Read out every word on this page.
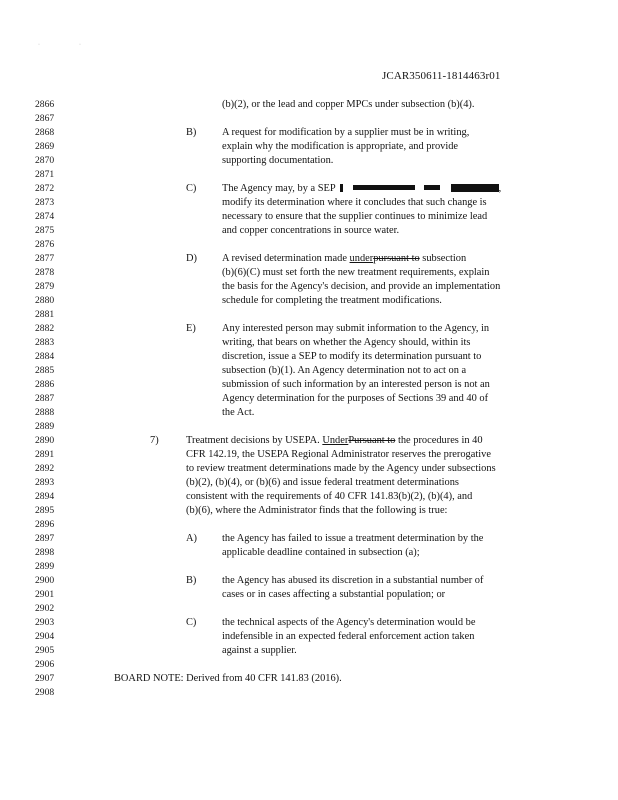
·	·
JCAR350611-1814463r01
2866
2867
2868
2869
2870
2871
2872
2873
2874
2875
2876
2877
2878
2879
2880
2881
2882
2883
2884
2885
2886
2887
2888
2889
2890
2891
2892
2893
2894
2895
2896
2897
2898
2899
2900
2901
2902
2903
2904
2905
2906
2907
2908
(b)(2), or the lead and copper MPCs under subsection (b)(4).
B) A request for modification by a supplier must be in writing,
explain why the modification is appropriate, and provide
supporting documentation.
C) The Agency may, by a SEP	,
modify its determination where it concludes that such change is
necessary to ensure that the supplier continues to minimize lead
and copper concentrations in source water.
D) A revised determination made underpursuant to subsection
(b)(6)(C) must set forth the new treatment requirements, explain
the basis for the Agency's decision, and provide an implementation
schedule for completing the treatment modifications.
E)	Any interested person may submit information to the Agency, in
writing, that bears on whether the Agency should, within its
discretion, issue a SEP to modify its determination pursuant to
subsection (b)(1). An Agency determination not to act on a
submission of such information by an interested person is not an
Agency determination for the purposes of Sections 39 and 40 of
the Act.
7)	Treatment decisions by USEPA. UnderPursuant to the procedures in 40
CFR 142.19, the USEPA Regional Administrator reserves the prerogative
to review treatment determinations made by the Agency under subsections
(b)(2), (b)(4), or (b)(6) and issue federal treatment determinations
consistent with the requirements of 40 CFR 141.83(b)(2), (b)(4), and
(b)(6), where the Administrator finds that the following is true:
A) the Agency has failed to issue a treatment determination by the
applicable deadline contained in subsection (a);
B) the Agency has abused its discretion in a substantial number of
cases or in cases affecting a substantial population; or
C) the technical aspects of the Agency's determination would be
indefensible in an expected federal enforcement action taken
against a supplier.
BOARD NOTE: Derived from 40 CFR 141.83 (2016).
